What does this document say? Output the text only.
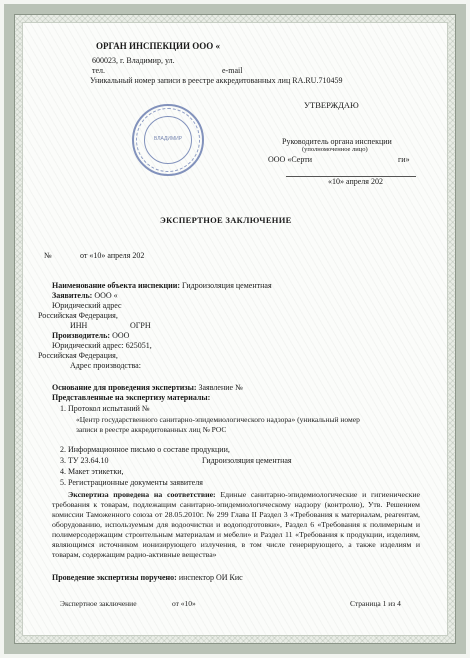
ОРГАН ИНСПЕКЦИИ ООО «
600023, г. Владимир, ул.
тел.	e-mail
Уникальный номер записи в реестре аккредитованных лиц RA.RU.710459
УТВЕРЖДАЮ
ВЛАДИМИР	Руководитель органа инспекции
(уполномоченное лицо)
ООО «Серти	ги»
«10» апреля 202
ЭКСПЕРТНОЕ ЗАКЛЮЧЕНИЕ
№	от «10» апреля 202
Наименование объекта инспекции: Гидроизоляция цементная
Заявитель: ООО «
Юридический адрес
Российская Федерация,
ИНН	ОГРН
Производитель: ООО
Юридический адрес: 625051,
Российская Федерация,
Адрес производства:
Основание для проведения экспертизы: Заявление №
Представленные на экспертизу материалы:
1. Протокол испытаний №
«Центр государственного санитарно-эпидемиологического надзора» (уникальный номер
записи в реестре аккредитованных лиц № РОС
2. Информационное письмо о составе продукции,
3. ТУ 23.64.10	Гидроизоляция цементная
4. Макет этикетки,
5. Регистрационные документы заявителя
Экспертиза проведена на соответствие: Единые санитарно-эпидемиологические и гигиенические требования к товарам, подлежащим санитарно-эпидемиологическому надзору (контролю), Утв. Решением комиссии Таможенного союза от 28.05.2010г. № 299 Глава II Раздел 3 «Требования к материалам, реагентам, оборудованию, используемым для водоочистки и водоподготовки», Раздел 6 «Требования к полимерным и полимерсодержащим строительным материалам и мебели» и Раздел 11 «Требования к продукции, изделиям, являющимся источником ионизирующего излучения, в том числе генерирующего, а также изделиям и товарам, содержащим радио-активные вещества»
Проведение экспертизы поручено: инспектор ОИ Кис
Экспертное заключение	от «10»	Страница 1 из 4
